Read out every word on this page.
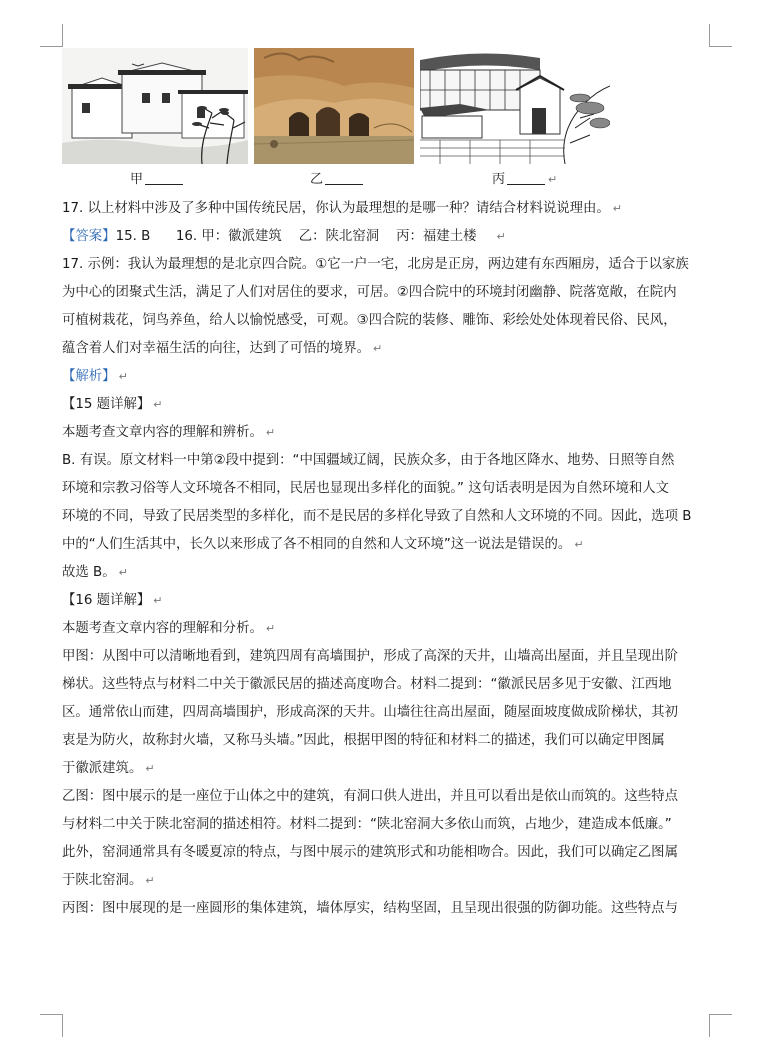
甲	乙	丙	↵
17. 以上材料中涉及了多种中国传统民居，你认为最理想的是哪一种？请结合材料说说理由。 ↵
【答案】15. B      16. 甲：徽派建筑    乙：陕北窑洞    丙：福建土楼 ↵
17. 示例：我认为最理想的是北京四合院。①它一户一宅，北房是正房，两边建有东西厢房，适合于以家族
为中心的团聚式生活，满足了人们对居住的要求，可居。②四合院中的环境封闭幽静、院落宽敞，在院内
可植树栽花，饲鸟养鱼，给人以愉悦感受，可观。③四合院的装修、雕饰、彩绘处处体现着民俗、民风，
蕴含着人们对幸福生活的向往，达到了可悟的境界。 ↵
【解析】 ↵
【15 题详解】 ↵
本题考查文章内容的理解和辨析。 ↵
B. 有误。原文材料一中第②段中提到：“中国疆域辽阔，民族众多，由于各地区降水、地势、日照等自然
环境和宗教习俗等人文环境各不相同，民居也显现出多样化的面貌。” 这句话表明是因为自然环境和人文
环境的不同，导致了民居类型的多样化，而不是民居的多样化导致了自然和人文环境的不同。因此，选项 B
中的“人们生活其中，长久以来形成了各不相同的自然和人文环境”这一说法是错误的。 ↵
故选 B。 ↵
【16 题详解】 ↵
本题考查文章内容的理解和分析。 ↵
甲图：从图中可以清晰地看到，建筑四周有高墙围护，形成了高深的天井，山墙高出屋面，并且呈现出阶
梯状。这些特点与材料二中关于徽派民居的描述高度吻合。材料二提到：“徽派民居多见于安徽、江西地
区。通常依山而建，四周高墙围护，形成高深的天井。山墙往往高出屋面，随屋面坡度做成阶梯状，其初
衷是为防火，故称封火墙，又称马头墙。”因此，根据甲图的特征和材料二的描述，我们可以确定甲图属
于徽派建筑。 ↵
乙图：图中展示的是一座位于山体之中的建筑，有洞口供人进出，并且可以看出是依山而筑的。这些特点
与材料二中关于陕北窑洞的描述相符。材料二提到：“陕北窑洞大多依山而筑，占地少，建造成本低廉。”
此外，窑洞通常具有冬暖夏凉的特点，与图中展示的建筑形式和功能相吻合。因此，我们可以确定乙图属
于陕北窑洞。 ↵
丙图：图中展现的是一座圆形的集体建筑，墙体厚实，结构坚固，且呈现出很强的防御功能。这些特点与
